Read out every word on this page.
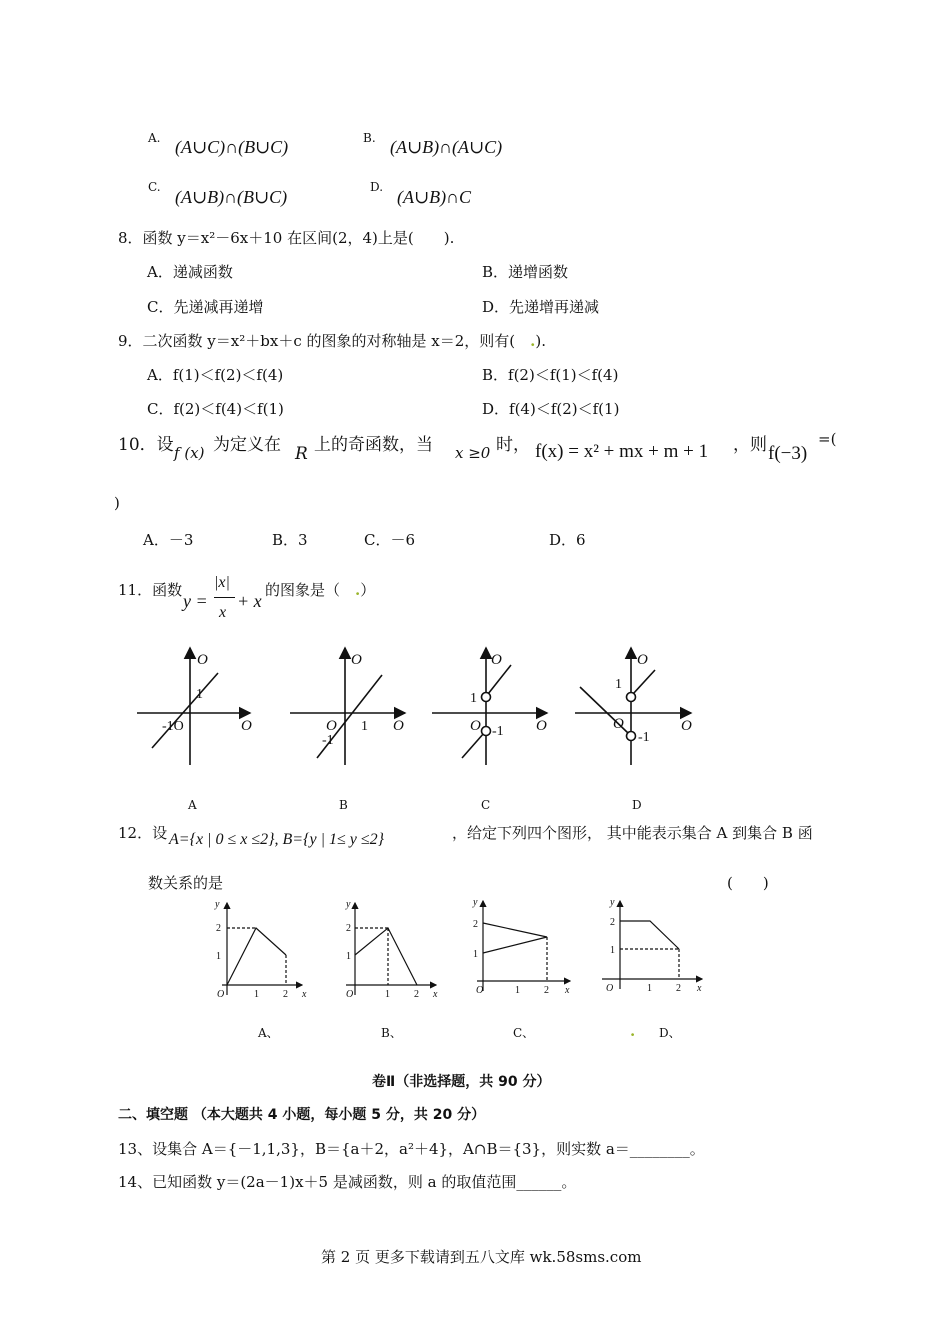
A. (A∪C)∩(B∪C)	B. (A∪B)∩(A∪C)
C. (A∪B)∩(B∪C)	D. (A∪B)∩C
8．函数 y＝x²－6x＋10 在区间(2，4)上是(　　).
A．递减函数	B．递增函数
C．先递减再递增	D．先递增再递减
9．二次函数 y＝x²＋bx＋c 的图象的对称轴是 x＝2，则有(　.).
A．f(1)＜f(2)＜f(4)	B．f(2)＜f(1)＜f(4)
C．f(2)＜f(4)＜f(1)	D．f(4)＜f(2)＜f(1)
10．设 f (x) 为定义在 R 上的奇函数，当 x ≥0 时， f(x) = x² + mx + m + 1 ，则 f(−3)
=(
)
A．－3	B．3	C．－6	D．6
11．函数
y =
|x|
x
+ x
的图象是（　.）
O
O
O
O	O
O
O	O
O
O	O
1
-1O	1
-1
1
-1
1
-1
A	B	C	D
12．设 A={x | 0 ≤ x ≤2}, B={y | 1≤ y ≤2}	，给定下列四个图形， 其中能表示集合 A 到集合 B 函
数关系的是	(　　)
y
2
1
O	1 2 x
y
2
1
O	1 2 x
y
2
1
O	1 2 x
y
2
1
O	1 2 x
A、	B、	C、	. D、
卷Ⅱ（非选择题，共 90 分）
二、填空题 （本大题共 4 小题，每小题 5 分，共 20 分）
13、设集合 A＝{－1,1,3}，B＝{a＋2，a²＋4}，A∩B＝{3}，则实数 a＝________。
14、已知函数 y＝(2a－1)x＋5 是减函数，则 a 的取值范围______。
第 2 页 更多下载请到五八文库 wk.58sms.com
